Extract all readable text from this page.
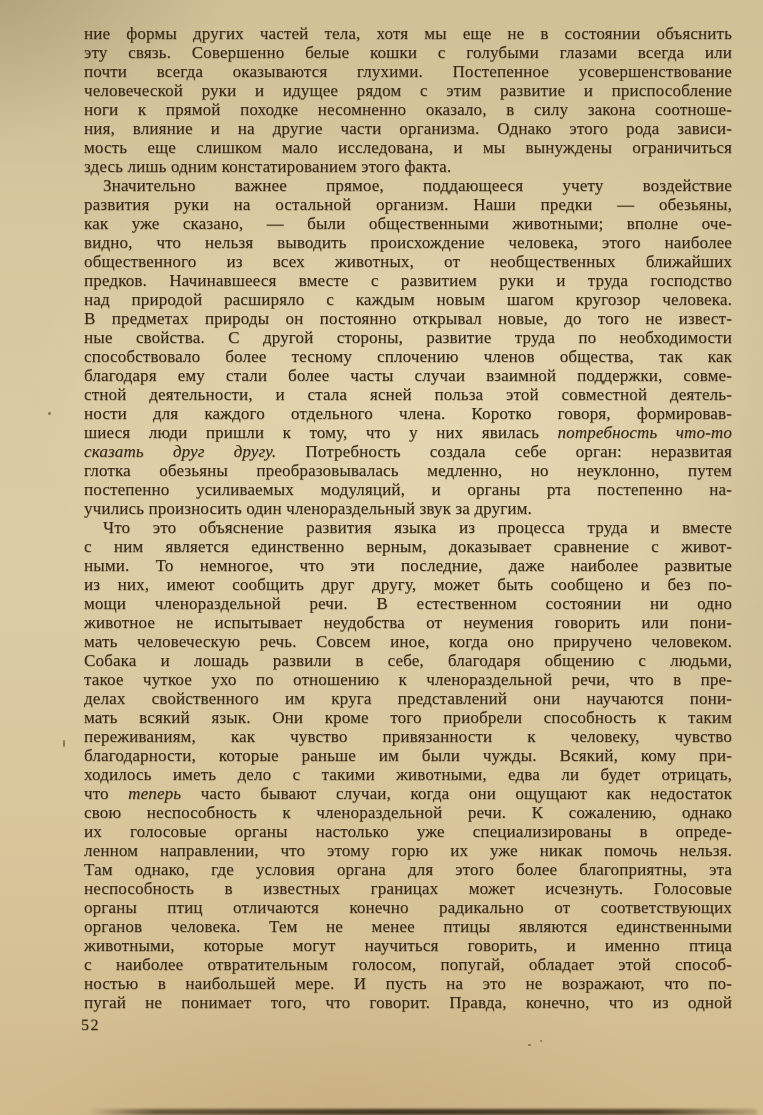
ние формы других частей тела, хотя мы еще не в состоянии объяснить
эту связь. Совершенно белые кошки с голубыми глазами всегда или
почти всегда оказываются глухими. Постепенное усовершенствование
человеческой руки и идущее рядом с этим развитие и приспособление
ноги к прямой походке несомненно оказало, в силу закона соотноше-
ния, влияние и на другие части организма. Однако этого рода зависи-
мость еще слишком мало исследована, и мы вынуждены ограничиться
здесь лишь одним констатированием этого факта.
Значительно важнее прямое, поддающееся учету воздействие
развития руки на остальной организм. Наши предки — обезьяны,
как уже сказано, — были общественными животными; вполне оче-
видно, что нельзя выводить происхождение человека, этого наиболее
общественного из всех животных, от необщественных ближайших
предков. Начинавшееся вместе с развитием руки и труда господство
над природой расширяло с каждым новым шагом кругозор человека.
В предметах природы он постоянно открывал новые, до того не извест-
ные свойства. С другой стороны, развитие труда по необходимости
способствовало более тесному сплочению членов общества, так как
благодаря ему стали более часты случаи взаимной поддержки, совме-
стной деятельности, и стала ясней польза этой совместной деятель-
ности для каждого отдельного члена. Коротко говоря, формировав-
шиеся люди пришли к тому, что у них явилась потребность что-то
сказать друг другу. Потребность создала себе орган: неразвитая
глотка обезьяны преобразовывалась медленно, но неуклонно, путем
постепенно усиливаемых модуляций, и органы рта постепенно на-
учились произносить один членораздельный звук за другим.
Что это объяснение развития языка из процесса труда и вместе
с ним является единственно верным, доказывает сравнение с живот-
ными. То немногое, что эти последние, даже наиболее развитые
из них, имеют сообщить друг другу, может быть сообщено и без по-
мощи членораздельной речи. В естественном состоянии ни одно
животное не испытывает неудобства от неумения говорить или пони-
мать человеческую речь. Совсем иное, когда оно приручено человеком.
Собака и лошадь развили в себе, благодаря общению с людьми,
такое чуткое ухо по отношению к членораздельной речи, что в пре-
делах свойственного им круга представлений они научаются пони-
мать всякий язык. Они кроме того приобрели способность к таким
переживаниям, как чувство привязанности к человеку, чувство
благодарности, которые раньше им были чужды. Всякий, кому при-
ходилось иметь дело с такими животными, едва ли будет отрицать,
что теперь часто бывают случаи, когда они ощущают как недостаток
свою неспособность к членораздельной речи. К сожалению, однако
их голосовые органы настолько уже специализированы в опреде-
ленном направлении, что этому горю их уже никак помочь нельзя.
Там однако, где условия органа для этого более благоприятны, эта
неспособность в известных границах может исчезнуть. Голосовые
органы птиц отличаются конечно радикально от соответствующих
органов человека. Тем не менее птицы являются единственными
животными, которые могут научиться говорить, и именно птица
с наиболее отвратительным голосом, попугай, обладает этой способ-
ностью в наибольшей мере. И пусть на это не возражают, что по-
пугай не понимает того, что говорит. Правда, конечно, что из одной
52
